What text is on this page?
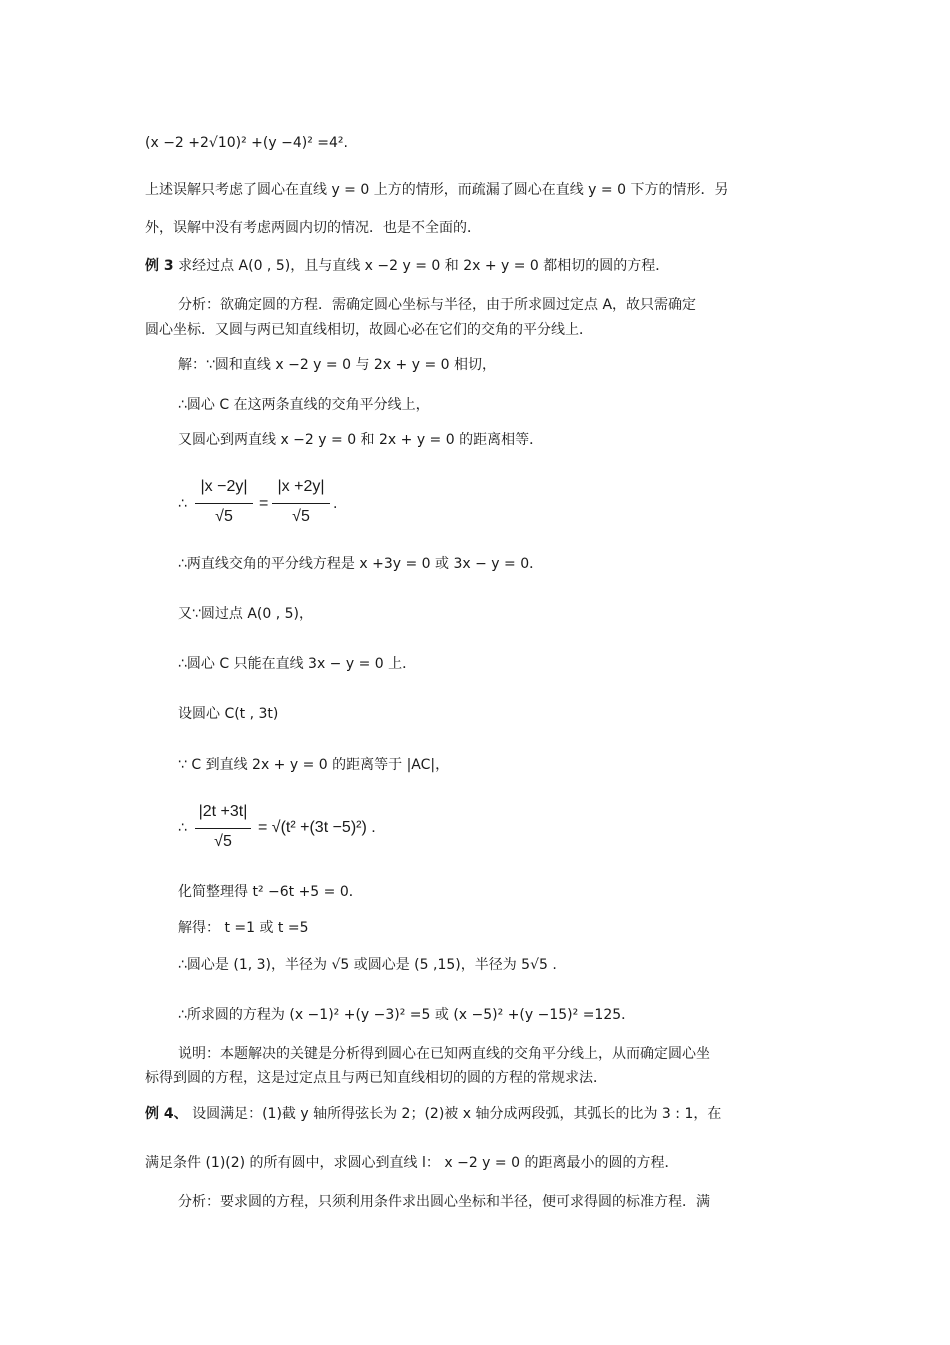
(x −2 +2√10)² +(y −4)² =4².
上述误解只考虑了圆心在直线 y = 0 上方的情形，而疏漏了圆心在直线 y = 0 下方的情形．另
外，误解中没有考虑两圆内切的情况．也是不全面的．
例 3 求经过点 A(0 , 5)，且与直线 x −2 y = 0 和 2x + y = 0 都相切的圆的方程．
分析：欲确定圆的方程．需确定圆心坐标与半径，由于所求圆过定点 A，故只需确定
圆心坐标．又圆与两已知直线相切，故圆心必在它们的交角的平分线上．
解：∵圆和直线 x −2 y = 0 与 2x + y = 0 相切，
∴圆心 C 在这两条直线的交角平分线上，
又圆心到两直线 x −2 y = 0 和 2x + y = 0 的距离相等．
∴
|x −2y|
√5
=
|x +2y|
√5
.
∴两直线交角的平分线方程是 x +3y = 0 或 3x − y = 0．
又∵圆过点 A(0 , 5)，
∴圆心 C 只能在直线 3x − y = 0 上．
设圆心 C(t , 3t)
∵ C 到直线 2x + y = 0 的距离等于 |AC|，
∴
|2t +3t|
√5
= √(t² +(3t −5)²) .
化简整理得 t² −6t +5 = 0．
解得： t =1 或 t =5
∴圆心是 (1, 3)，半径为 √5 或圆心是 (5 ,15)，半径为 5√5 .
∴所求圆的方程为 (x −1)² +(y −3)² =5 或 (x −5)² +(y −15)² =125．
说明：本题解决的关键是分析得到圆心在已知两直线的交角平分线上，从而确定圆心坐
标得到圆的方程，这是过定点且与两已知直线相切的圆的方程的常规求法．
例 4、 设圆满足：(1)截 y 轴所得弦长为 2；(2)被 x 轴分成两段弧，其弧长的比为 3 : 1，在
满足条件 (1)(2) 的所有圆中，求圆心到直线 l： x −2 y = 0 的距离最小的圆的方程．
分析：要求圆的方程，只须利用条件求出圆心坐标和半径，便可求得圆的标准方程．满
